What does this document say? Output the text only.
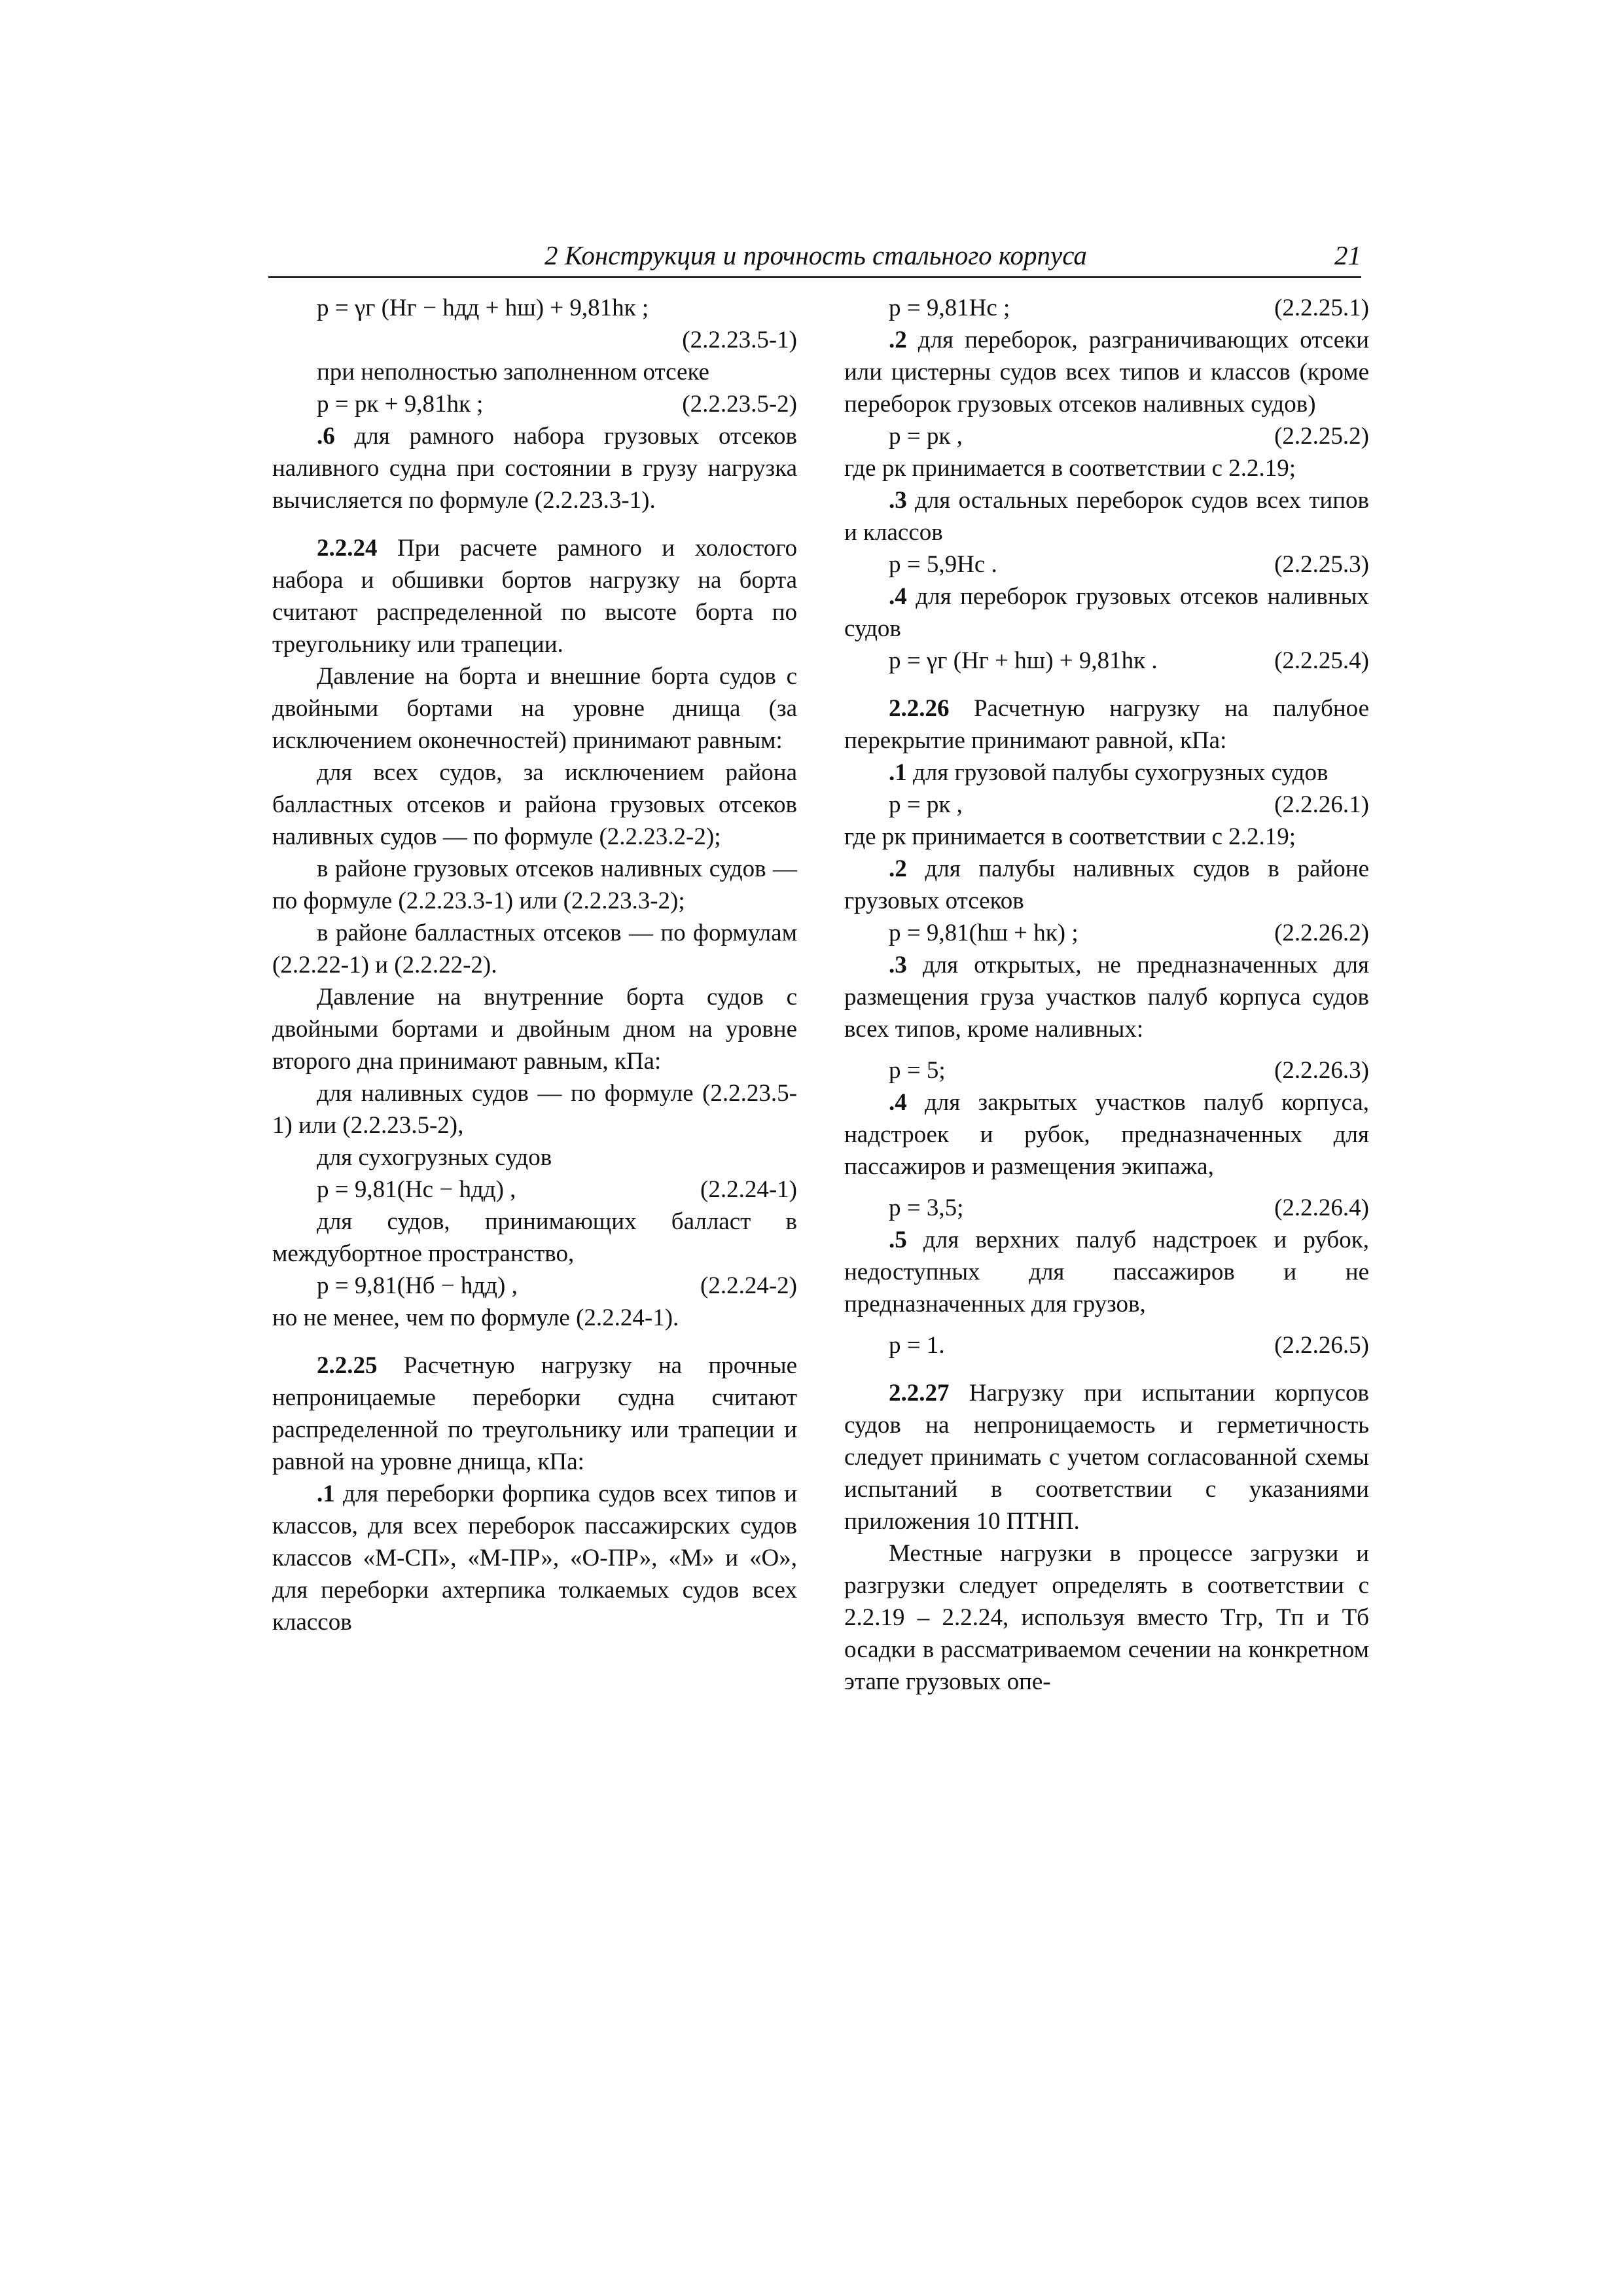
2 Конструкция и прочность стального корпуса	21
p = γг (Hг − hдд + hш) + 9,81hк ;
(2.2.23.5-1)

при неполностью заполненном отсеке

p = pк + 9,81hк ;	(2.2.23.5-2)

.6 для рамного набора грузовых отсеков наливного судна при состоянии в грузу нагрузка вычисляется по формуле (2.2.23.3-1).

2.2.24 При расчете рамного и холостого набора и обшивки бортов нагрузку на борта считают распределенной по высоте борта по треугольнику или трапеции.

Давление на борта и внешние борта судов с двойными бортами на уровне днища (за исключением оконечностей) принимают равным:

для всех судов, за исключением района балластных отсеков и района грузовых отсеков наливных судов — по формуле (2.2.23.2-2);

в районе грузовых отсеков наливных судов — по формуле (2.2.23.3-1) или (2.2.23.3-2);

в районе балластных отсеков — по формулам (2.2.22-1) и (2.2.22-2).

Давление на внутренние борта судов с двойными бортами и двойным дном на уровне второго дна принимают равным, кПа:

для наливных судов — по формуле (2.2.23.5-1) или (2.2.23.5-2),

для сухогрузных судов

p = 9,81(Hс − hдд) ,	(2.2.24-1)

для судов, принимающих балласт в междубортное пространство,

p = 9,81(Hб − hдд) ,	(2.2.24-2)

но не менее, чем по формуле (2.2.24-1).

2.2.25 Расчетную нагрузку на прочные непроницаемые переборки судна считают распределенной по треугольнику или трапеции и равной на уровне днища, кПа:

.1 для переборки форпика судов всех типов и классов, для всех переборок пассажирских судов классов «М-СП», «М-ПР», «О-ПР», «М» и «О», для переборки ахтерпика толкаемых судов всех классов

p = 9,81Hс ;	(2.2.25.1)

.2 для переборок, разграничивающих отсеки или цистерны судов всех типов и классов (кроме переборок грузовых отсеков наливных судов)

p = pк ,	(2.2.25.2)

где pк принимается в соответствии с 2.2.19;

.3 для остальных переборок судов всех типов и классов

p = 5,9Hс .	(2.2.25.3)

.4 для переборок грузовых отсеков наливных судов

p = γг (Hг + hш) + 9,81hк .	(2.2.25.4)

2.2.26 Расчетную нагрузку на палубное перекрытие принимают равной, кПа:

.1 для грузовой палубы сухогрузных судов

p = pк ,	(2.2.26.1)

где pк принимается в соответствии с 2.2.19;

.2 для палубы наливных судов в районе грузовых отсеков

p = 9,81(hш + hк) ;	(2.2.26.2)

.3 для открытых, не предназначенных для размещения груза участков палуб корпуса судов всех типов, кроме наливных:

p = 5;	(2.2.26.3)

.4 для закрытых участков палуб корпуса, надстроек и рубок, предназначенных для пассажиров и размещения экипажа,

p = 3,5;	(2.2.26.4)

.5 для верхних палуб надстроек и рубок, недоступных для пассажиров и не предназначенных для грузов,

p = 1.	(2.2.26.5)

2.2.27 Нагрузку при испытании корпусов судов на непроницаемость и герметичность следует принимать с учетом согласованной схемы испытаний в соответствии с указаниями приложения 10 ПТНП.

Местные нагрузки в процессе загрузки и разгрузки следует определять в соответствии с 2.2.19 – 2.2.24, используя вместо Tгр, Tп и Tб осадки в рассматриваемом сечении на конкретном этапе грузовых опе-
